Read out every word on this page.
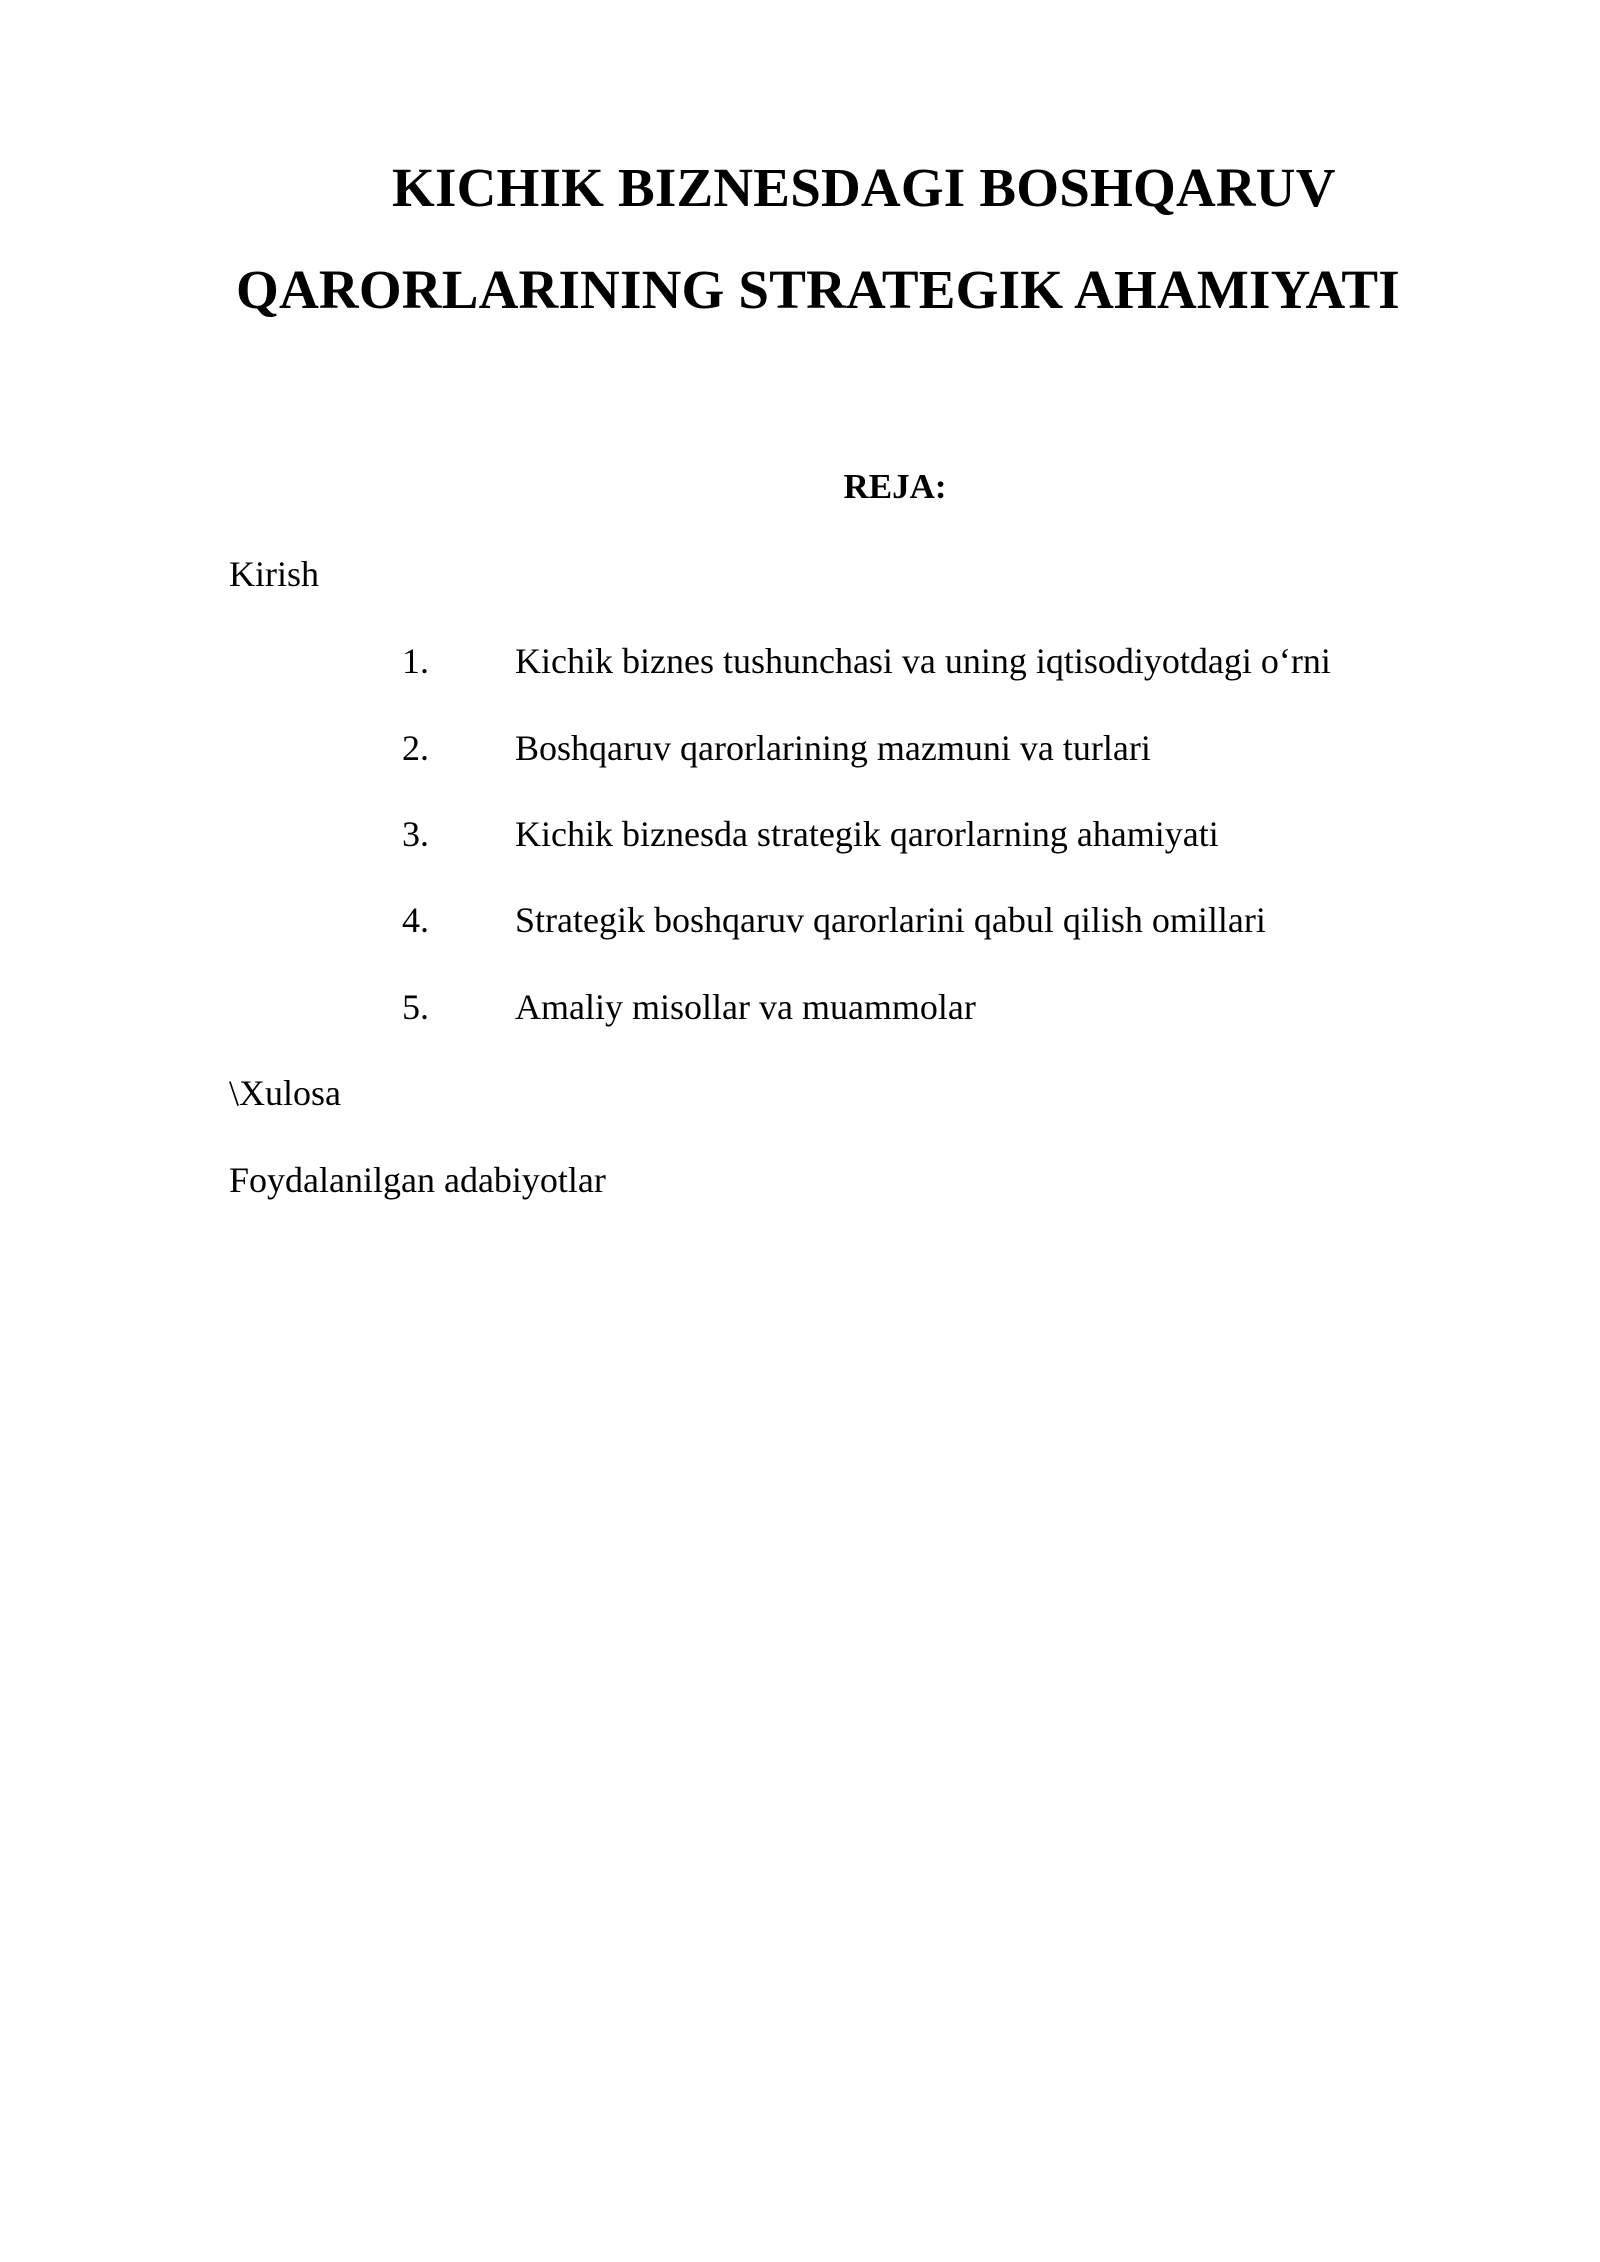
KICHIK BIZNESDAGI BOSHQARUV
QARORLARINING STRATEGIK AHAMIYATI
REJA:
Kirish
1. Kichik biznes tushunchasi va uning iqtisodiyotdagi o‘rni
2. Boshqaruv qarorlarining mazmuni va turlari
3. Kichik biznesda strategik qarorlarning ahamiyati
4. Strategik boshqaruv qarorlarini qabul qilish omillari
5. Amaliy misollar va muammolar
\Xulosa
Foydalanilgan adabiyotlar
